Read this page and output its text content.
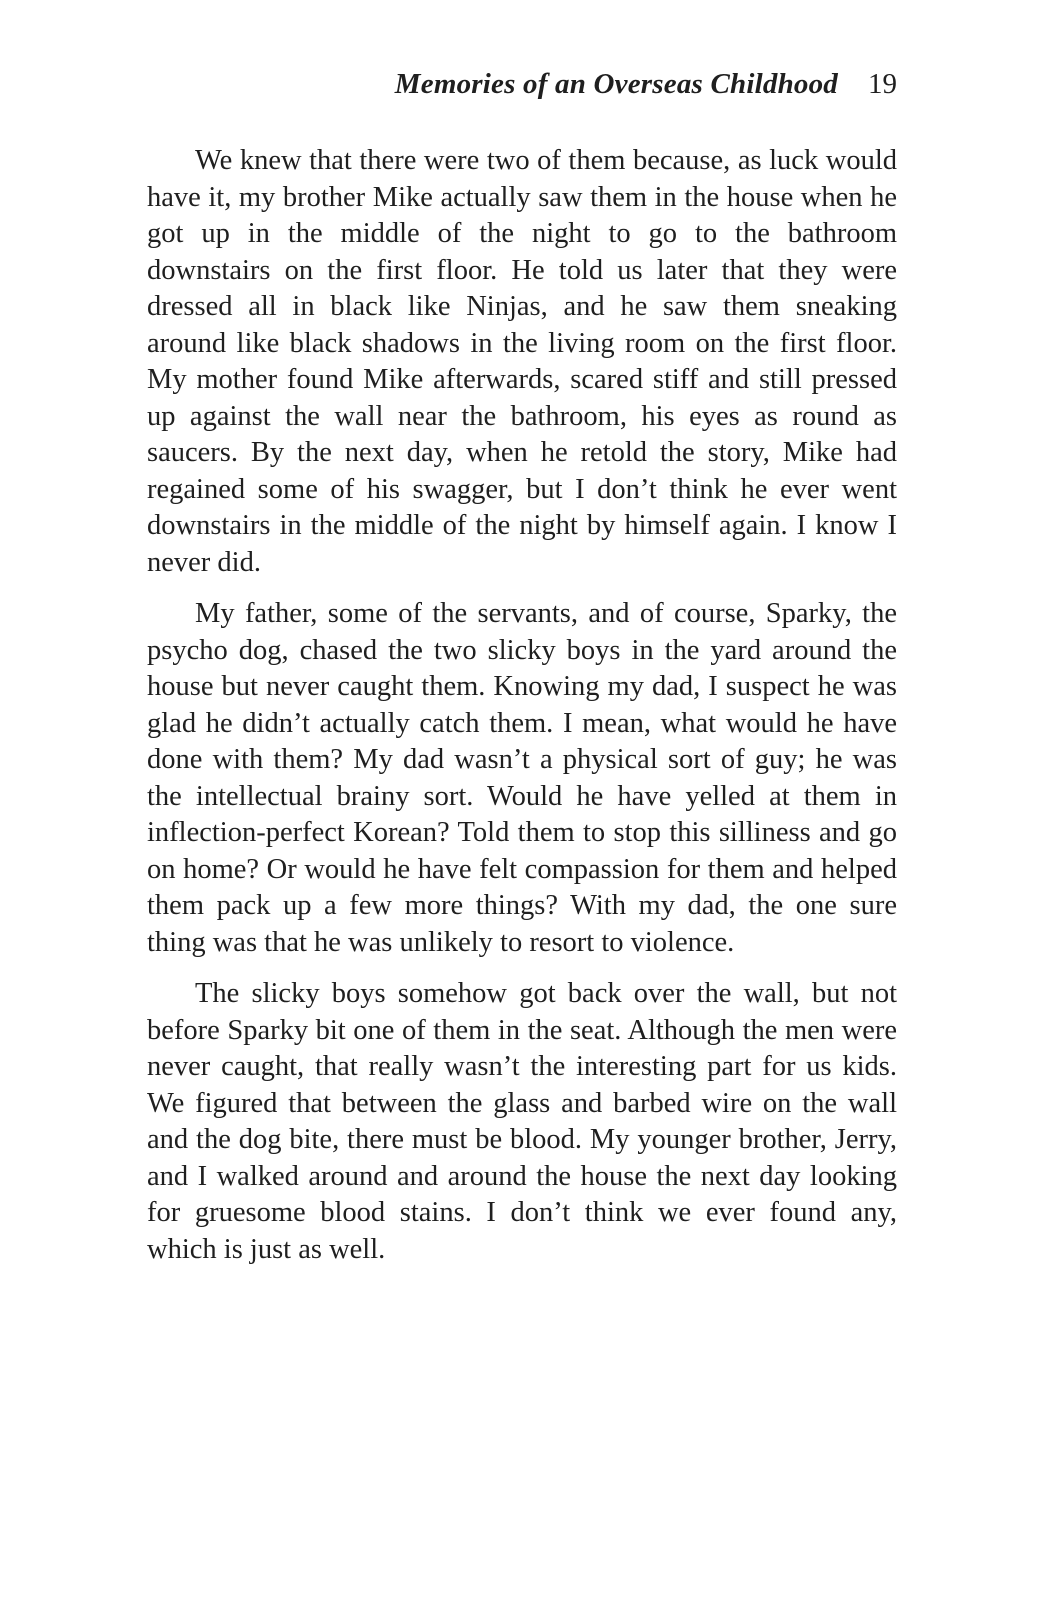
Memories of an Overseas Childhood 19

We knew that there were two of them because, as luck would have it, my brother Mike actually saw them in the house when he got up in the middle of the night to go to the bathroom downstairs on the first floor. He told us later that they were dressed all in black like Ninjas, and he saw them sneaking around like black shadows in the living room on the first floor. My mother found Mike afterwards, scared stiff and still pressed up against the wall near the bathroom, his eyes as round as saucers. By the next day, when he retold the story, Mike had regained some of his swagger, but I don’t think he ever went downstairs in the middle of the night by himself again. I know I never did.

My father, some of the servants, and of course, Sparky, the psycho dog, chased the two slicky boys in the yard around the house but never caught them. Knowing my dad, I suspect he was glad he didn’t actually catch them. I mean, what would he have done with them? My dad wasn’t a physical sort of guy; he was the intellectual brainy sort. Would he have yelled at them in inflection-perfect Korean? Told them to stop this silliness and go on home? Or would he have felt compassion for them and helped them pack up a few more things? With my dad, the one sure thing was that he was unlikely to resort to violence.

The slicky boys somehow got back over the wall, but not before Sparky bit one of them in the seat. Although the men were never caught, that really wasn’t the interesting part for us kids. We figured that between the glass and barbed wire on the wall and the dog bite, there must be blood. My younger brother, Jerry, and I walked around and around the house the next day looking for gruesome blood stains. I don’t think we ever found any, which is just as well.
